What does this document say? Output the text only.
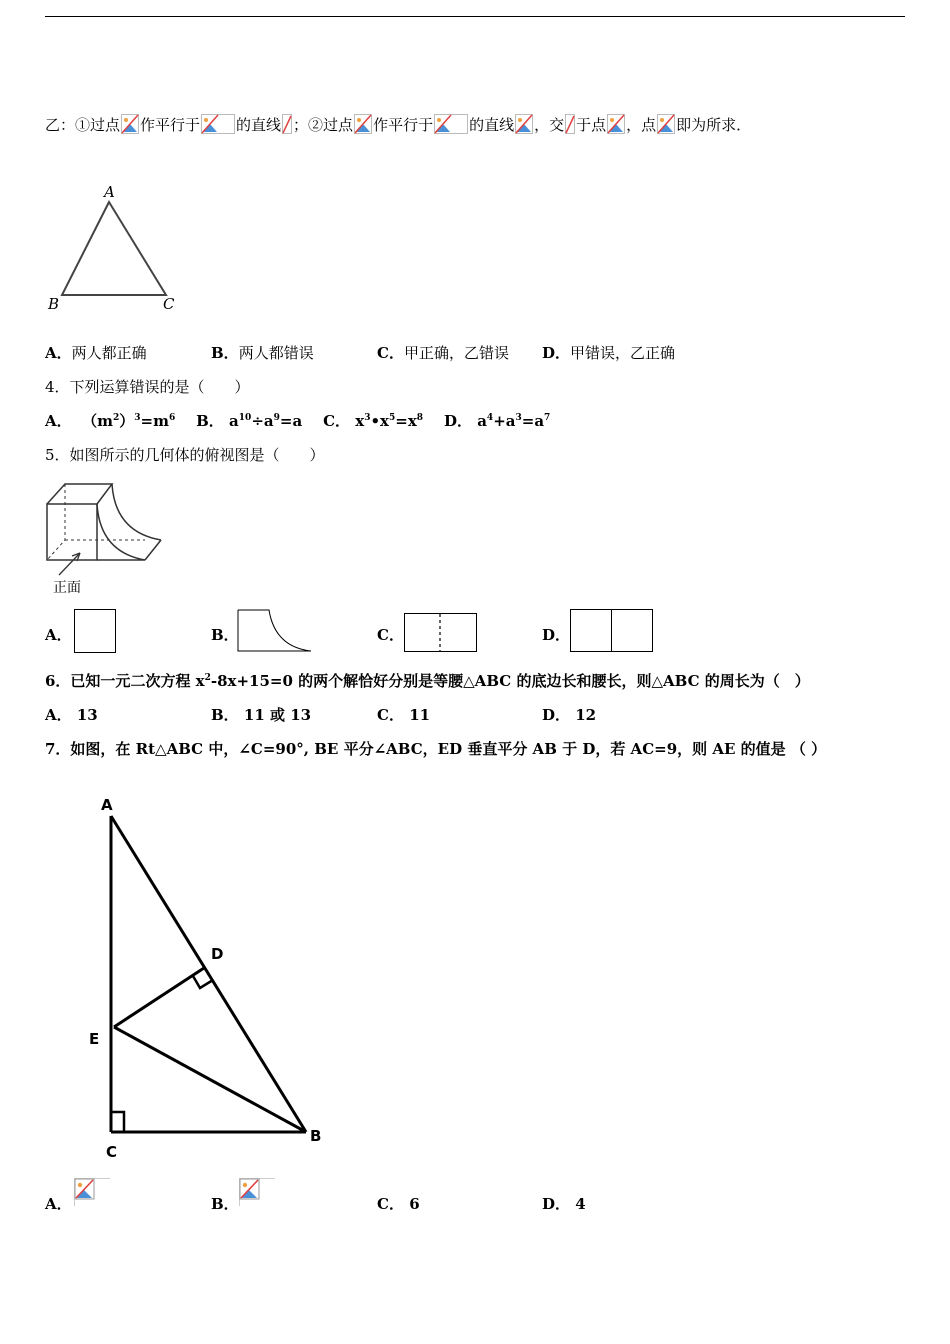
乙：①过点 作平行于 的直线 ；②过点 作平行于 的直线 ，交 于点 ，点 即为所求．
A
B	C
A．两人都正确	B．两人都错误	C．甲正确，乙错误 D．甲错误，乙正确
4．下列运算错误的是（　　）
A． $(m^2)^3=m^6$ B． $a^{10}\div a^9=a$ C． $x^3•x^5=x^8$ D． $a^4+a^3=a^7$
5．如图所示的几何体的俯视图是（　　）
正面
A．	B．	C．	D．
6．已知一元二次方程 $x^2-8x+15=0$ 的两个解恰好分别是等腰△ABC 的底边长和腰长，则△ABC 的周长为（　）
A． 13	B． 11 或 13	C． 11	D． 12
7．如图，在 Rt△ABC 中，∠C=90°, BE 平分∠ABC，ED 垂直平分 AB 于 D，若 AC=9，则 AE 的值是 （ ）
A
D
E
C
B
A．	B．	C． 6	D． 4
